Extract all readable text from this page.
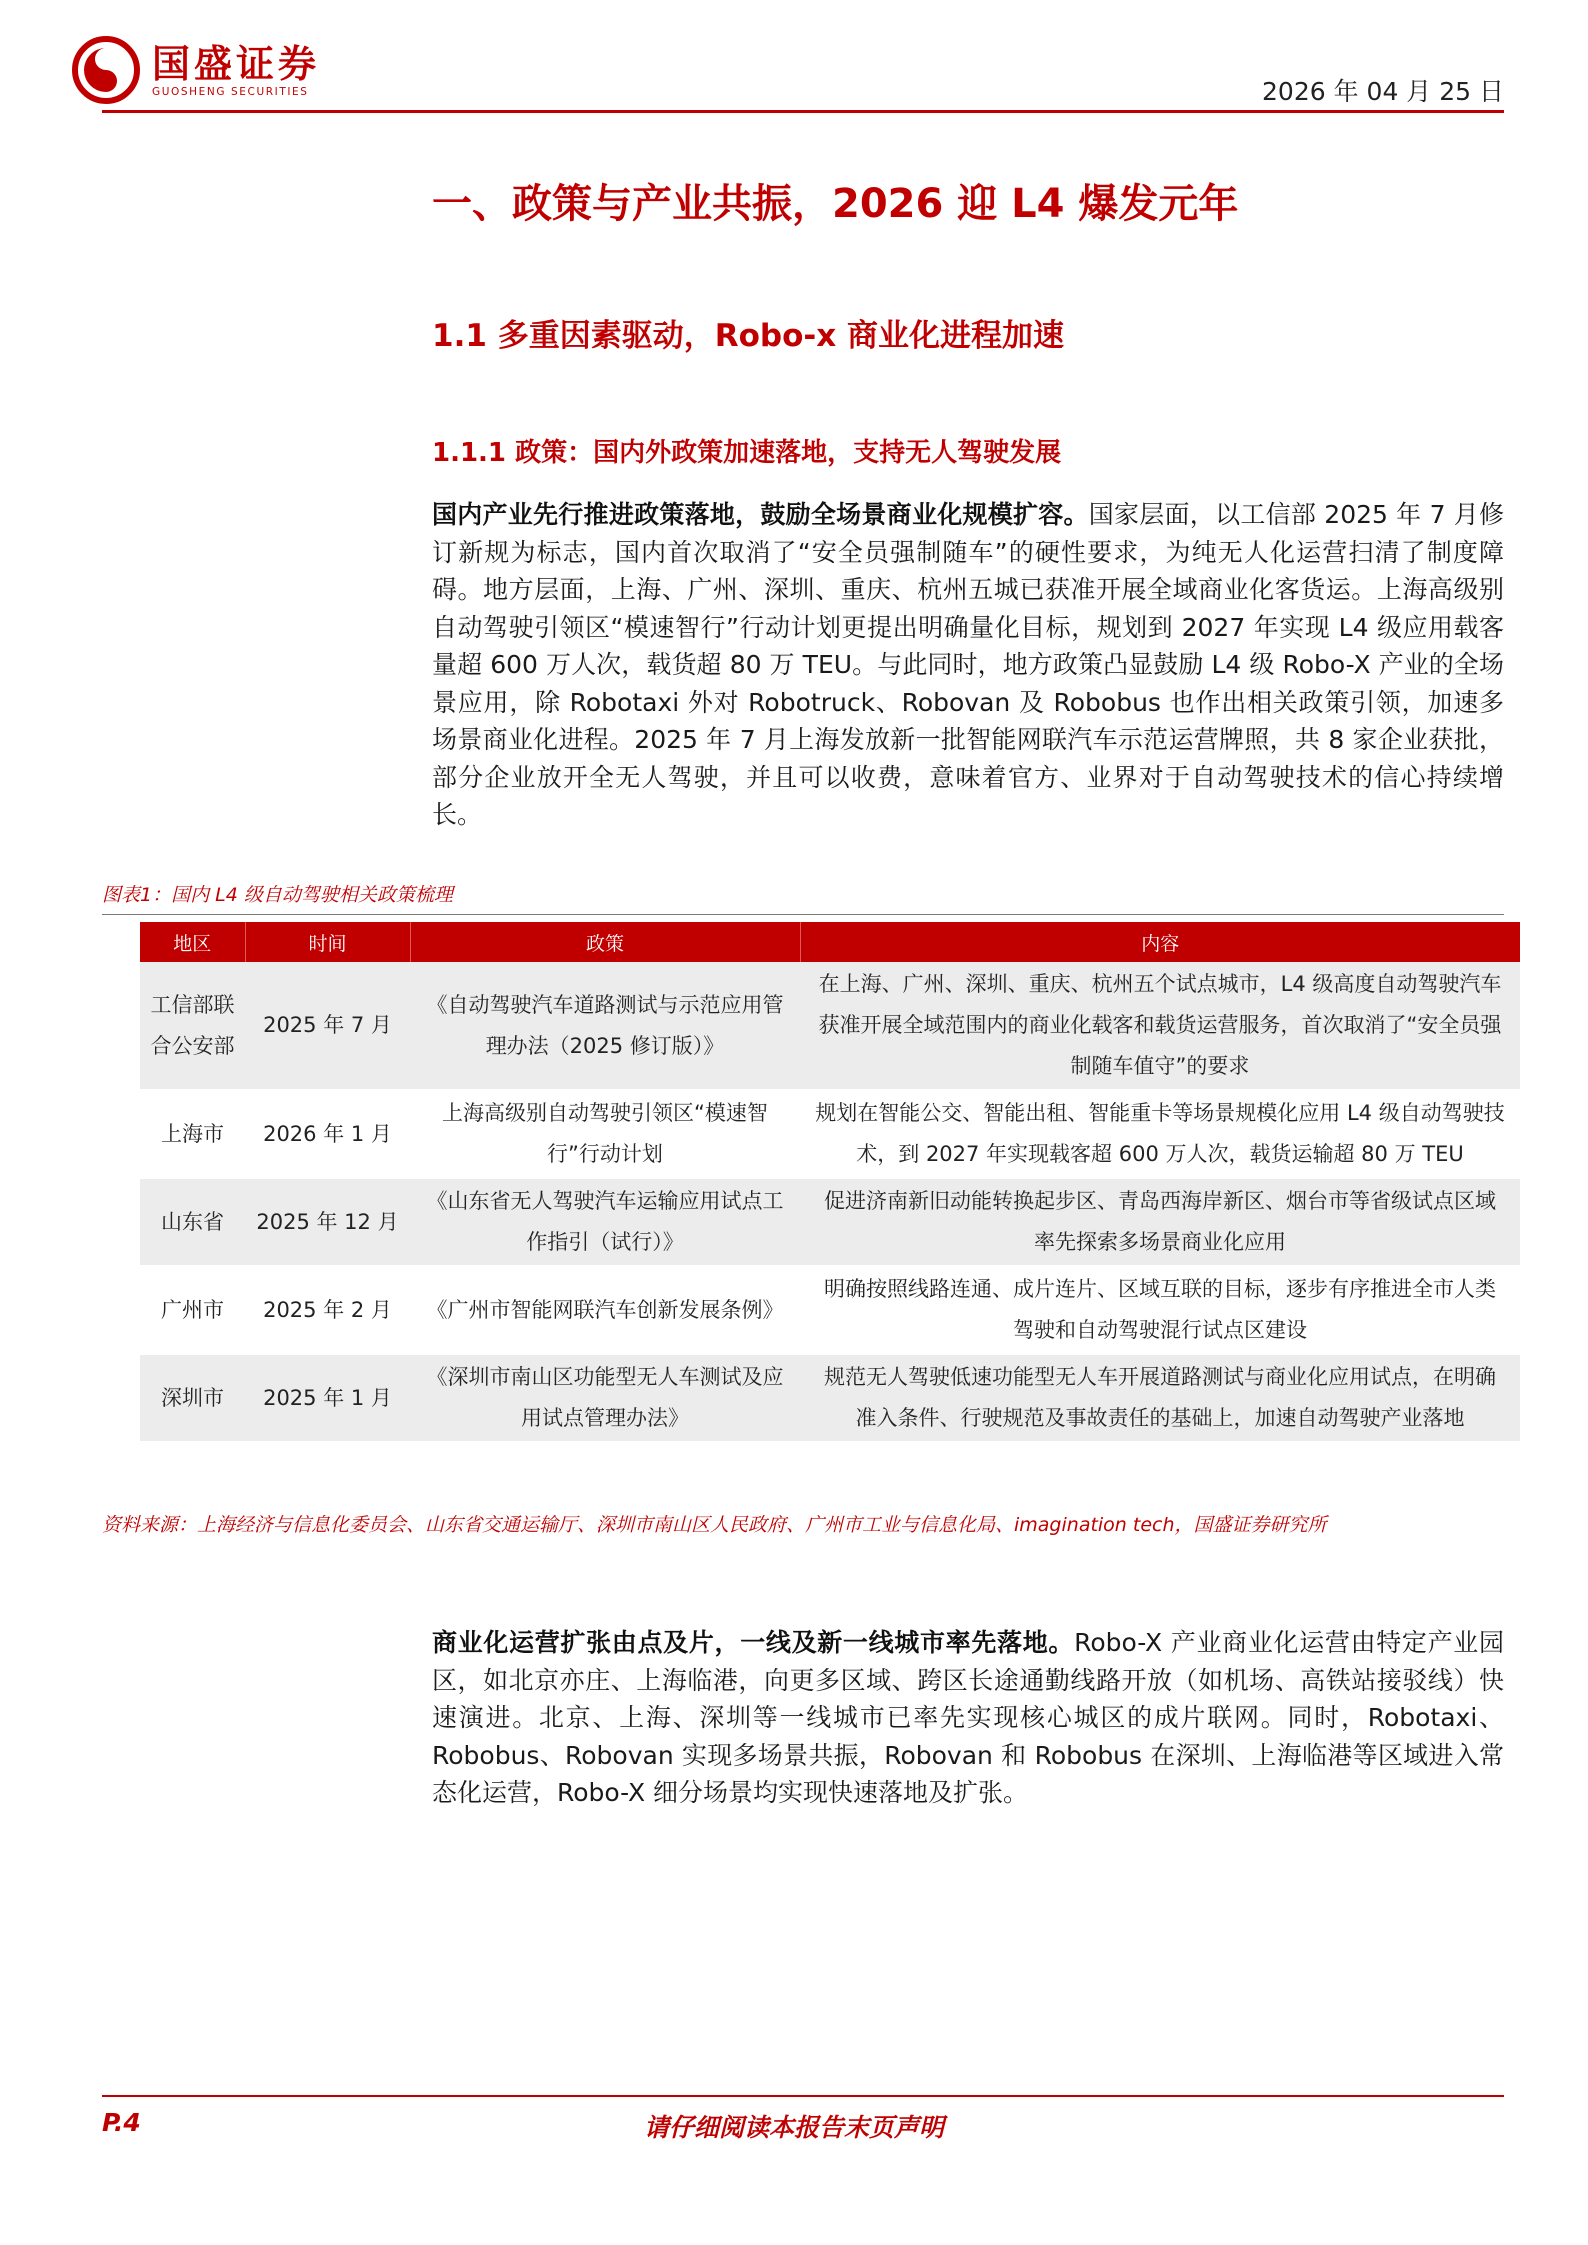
国盛证券
GUOSHENG SECURITIES	2026 年 04 月 25 日
一、政策与产业共振，2026 迎 L4 爆发元年
1.1 多重因素驱动，Robo-x 商业化进程加速
1.1.1 政策：国内外政策加速落地，支持无人驾驶发展
国内产业先行推进政策落地，鼓励全场景商业化规模扩容。国家层面，以工信部 2025 年 7 月修订新规为标志，国内首次取消了“安全员强制随车”的硬性要求，为纯无人化运营扫清了制度障碍。地方层面，上海、广州、深圳、重庆、杭州五城已获准开展全域商业化客货运。上海高级别自动驾驶引领区“模速智行”行动计划更提出明确量化目标，规划到 2027 年实现 L4 级应用载客量超 600 万人次，载货超 80 万 TEU。与此同时，地方政策凸显鼓励 L4 级 Robo-X 产业的全场景应用，除 Robotaxi 外对 Robotruck、Robovan 及 Robobus 也作出相关政策引领，加速多场景商业化进程。2025 年 7 月上海发放新一批智能网联汽车示范运营牌照，共 8 家企业获批，部分企业放开全无人驾驶，并且可以收费，意味着官方、业界对于自动驾驶技术的信心持续增长。
图表1：国内 L4 级自动驾驶相关政策梳理
地区	时间	政策	内容
工信部联合公安部	2025 年 7 月	《自动驾驶汽车道路测试与示范应用管理办法（2025 修订版）》	在上海、广州、深圳、重庆、杭州五个试点城市，L4 级高度自动驾驶汽车获准开展全域范围内的商业化载客和载货运营服务，首次取消了“安全员强制随车值守”的要求
上海市	2026 年 1 月	上海高级别自动驾驶引领区“模速智行”行动计划	规划在智能公交、智能出租、智能重卡等场景规模化应用 L4 级自动驾驶技术，到 2027 年实现载客超 600 万人次，载货运输超 80 万 TEU
山东省	2025 年 12 月	《山东省无人驾驶汽车运输应用试点工作指引（试行）》	促进济南新旧动能转换起步区、青岛西海岸新区、烟台市等省级试点区域率先探索多场景商业化应用
广州市	2025 年 2 月	《广州市智能网联汽车创新发展条例》	明确按照线路连通、成片连片、区域互联的目标，逐步有序推进全市人类驾驶和自动驾驶混行试点区建设
深圳市	2025 年 1 月	《深圳市南山区功能型无人车测试及应用试点管理办法》	规范无人驾驶低速功能型无人车开展道路测试与商业化应用试点，在明确准入条件、行驶规范及事故责任的基础上，加速自动驾驶产业落地
资料来源：上海经济与信息化委员会、山东省交通运输厅、深圳市南山区人民政府、广州市工业与信息化局、imagination tech，国盛证券研究所
商业化运营扩张由点及片，一线及新一线城市率先落地。Robo-X 产业商业化运营由特定产业园区，如北京亦庄、上海临港，向更多区域、跨区长途通勤线路开放（如机场、高铁站接驳线）快速演进。北京、上海、深圳等一线城市已率先实现核心城区的成片联网。同时，Robotaxi、Robobus、Robovan 实现多场景共振，Robovan 和 Robobus 在深圳、上海临港等区域进入常态化运营，Robo-X 细分场景均实现快速落地及扩张。
请仔细阅读本报告末页声明
P.4
